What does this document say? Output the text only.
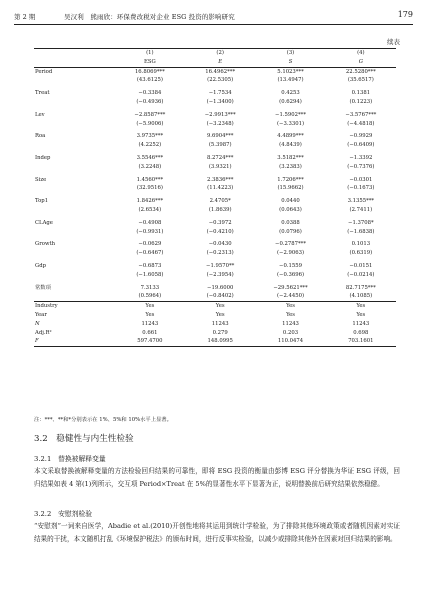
第 2 期	吴汉利　熊雨欣：环保费改税对企业 ESG 投资的影响研究	179
续表
	(1)	(2)	(3)	(4)
	ESG	E	S	G
Period	16.8069***	16.4962***	5.1023***	22.5280***
	(43.6125)	(22.5305)	(13.4947)	(35.6517)

Treat	−0.3384	−1.7534	0.4253	0.1381
	(−0.4936)	(−1.3400)	(0.6294)	(0.1223)

Lev	−2.8587***	−2.9913***	−1.5902***	−3.5767***
	(−5.9006)	(−3.2348)	(−3.3301)	(−4.4818)

Roa	3.9735***	9.6904***	4.4899***	−0.9929
	(4.2252)	(5.3987)	(4.8439)	(−0.6409)

Indep	3.5546***	8.2724***	3.5182***	−1.3392
	(3.2248)	(3.9321)	(3.2383)	(−0.7376)

Size	1.4560***	2.3836***	1.7206***	−0.0301
	(32.9516)	(11.4223)	(15.9662)	(−0.1673)

Top1	1.8426***	2.4705*	0.0440	3.1355***
	(2.6534)	(1.8639)	(0.0643)	(2.7411)

CLAge	−0.4908	−0.3972	0.0388	−1.3708*
	(−0.9931)	(−0.4210)	(0.0796)	(−1.6838)

Growth	−0.0629	−0.0430	−0.2787***	0.1013
	(−0.6467)	(−0.2313)	(−2.9063)	(0.6319)

Gdp	−0.6873	−1.9570**	−0.1559	−0.0151
	(−1.6058)	(−2.3954)	(−0.3696)	(−0.0214)

常数项	7.3133	−19.6000	−29.5621***	82.7175***
	(0.5964)	(−0.8402)	(−2.4450)	(4.1085)
Industry	Yes	Yes	Yes	Yes
Year	Yes	Yes	Yes	Yes
N	11243	11243	11243	11243
Adj.R²	0.661	0.279	0.203	0.698
F	597.4700	148.0995	110.0474	703.1601
注：***、**和*分别表示在 1%、5%和 10%水平上显著。
3.2　稳健性与内生性检验
3.2.1　替换被解释变量

本文采取替换被解释变量的方法检验回归结果的可靠性，即将 ESG 投资的衡量由彭博 ESG 评分替换为华证 ESG 评级，回归结果如表 4 第(1)列所示，交互项 Period×Treat 在 5%的显著性水平下显著为正，说明替换前后研究结果依然稳健。

3.2.2　安慰剂检验

“安慰剂”一词来自医学，Abadie et al.(2010)开创性地将其运用到统计学检验，为了排除其他环境政策或者随机因素对实证结果的干扰，本文随机打乱《环境保护税法》的颁布时间，进行反事实检验，以减少或排除其他外在因素对回归结果的影响。
